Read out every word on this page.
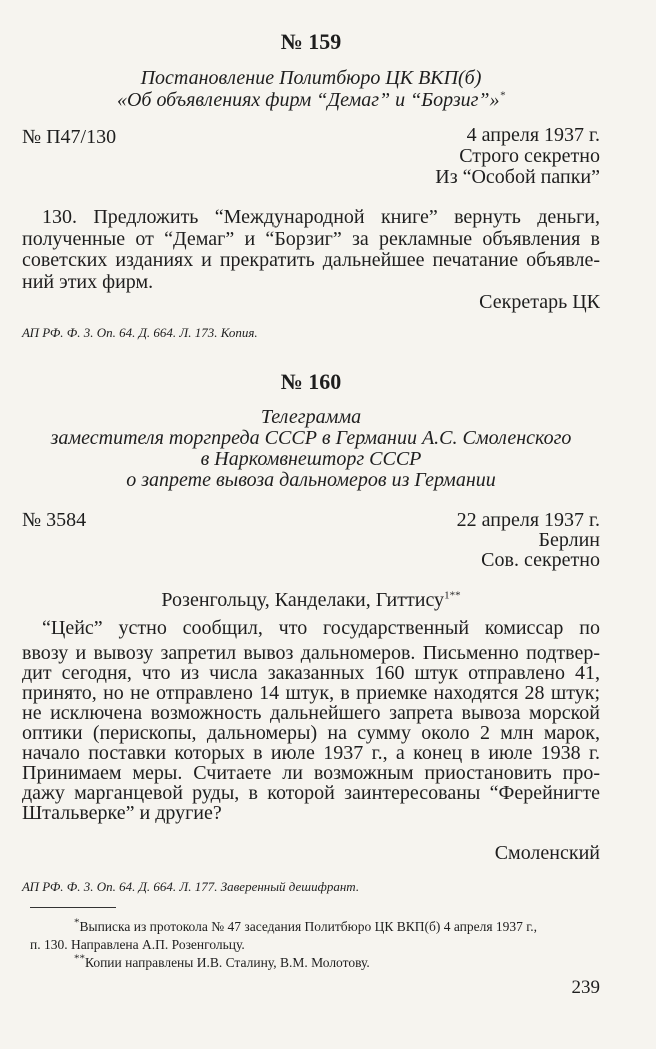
№ 159
Постановление Политбюро ЦК ВКП(б)
«Об объявлениях фирм “Демаг” и “Борзиг”»*
№ П47/130	4 апреля 1937 г.
Строго секретно
Из “Особой папки”
130. Предложить “Международной книге” вернуть деньги,
полученные от “Демаг” и “Борзиг” за рекламные объявления в
советских изданиях и прекратить дальнейшее печатание объявле-
ний этих фирм.
Секретарь ЦК
АП РФ. Ф. 3. Оп. 64. Д. 664. Л. 173. Копия.
№ 160
Телеграмма
заместителя торгпреда СССР в Германии А.С. Смоленского
в Наркомвнешторг СССР
о запрете вывоза дальномеров из Германии
№ 3584	22 апреля 1937 г.
Берлин
Сов. секретно
Розенгольцу, Канделаки, Гиттису$^{1**}$
“Цейс” устно сообщил, что государственный комиссар по
ввозу и вывозу запретил вывоз дальномеров. Письменно подтвер-
дит сегодня, что из числа заказанных 160 штук отправлено 41,
принято, но не отправлено 14 штук, в приемке находятся 28 штук;
не исключена возможность дальнейшего запрета вывоза морской
оптики (перископы, дальномеры) на сумму около 2 млн марок,
начало поставки которых в июле 1937 г., а конец в июле 1938 г.
Принимаем меры. Считаете ли возможным приостановить про-
дажу марганцевой руды, в которой заинтересованы “Ферейнигте
Штальверке” и другие?
Смоленский
АП РФ. Ф. 3. Оп. 64. Д. 664. Л. 177. Заверенный дешифрант.
*Выписка из протокола № 47 заседания Политбюро ЦК ВКП(б) 4 апреля 1937 г.,
п. 130. Направлена А.П. Розенгольцу.
**Копии направлены И.В. Сталину, В.М. Молотову.
239
